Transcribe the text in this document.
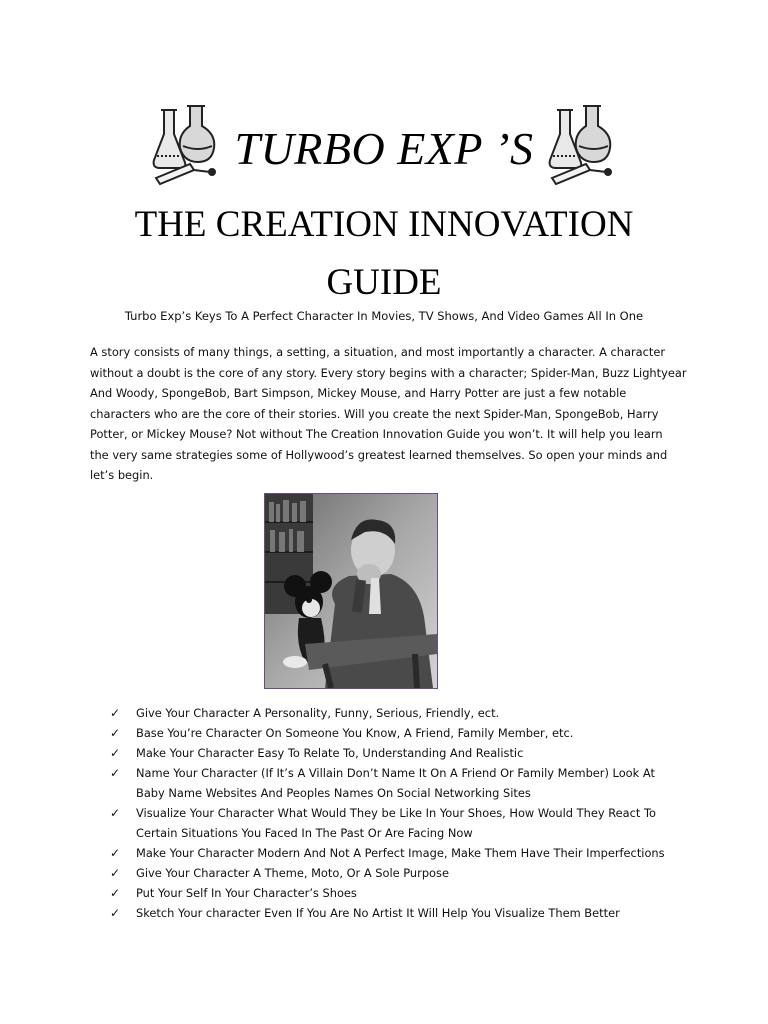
TURBO EXP ’S
THE CREATION INNOVATION
GUIDE
Turbo Exp’s Keys To A Perfect Character In Movies, TV Shows, And Video Games All In One

A story consists of many things, a setting, a situation, and most importantly a character. A character
without a doubt is the core of any story. Every story begins with a character; Spider-Man, Buzz Lightyear
And Woody, SpongeBob, Bart Simpson, Mickey Mouse, and Harry Potter are just a few notable
characters who are the core of their stories. Will you create the next Spider-Man, SpongeBob, Harry
Potter, or Mickey Mouse? Not without The Creation Innovation Guide you won’t. It will help you learn
the very same strategies some of Hollywood’s greatest learned themselves. So open your minds and
let’s begin.

✓ Give Your Character A Personality, Funny, Serious, Friendly, ect.
✓ Base You’re Character On Someone You Know, A Friend, Family Member, etc.
✓ Make Your Character Easy To Relate To, Understanding And Realistic
✓ Name Your Character (If It’s A Villain Don’t Name It On A Friend Or Family Member) Look At
Baby Name Websites And Peoples Names On Social Networking Sites
✓ Visualize Your Character What Would They be Like In Your Shoes, How Would They React To
Certain Situations You Faced In The Past Or Are Facing Now
✓ Make Your Character Modern And Not A Perfect Image, Make Them Have Their Imperfections
✓ Give Your Character A Theme, Moto, Or A Sole Purpose
✓ Put Your Self In Your Character’s Shoes
✓ Sketch Your character Even If You Are No Artist It Will Help You Visualize Them Better
